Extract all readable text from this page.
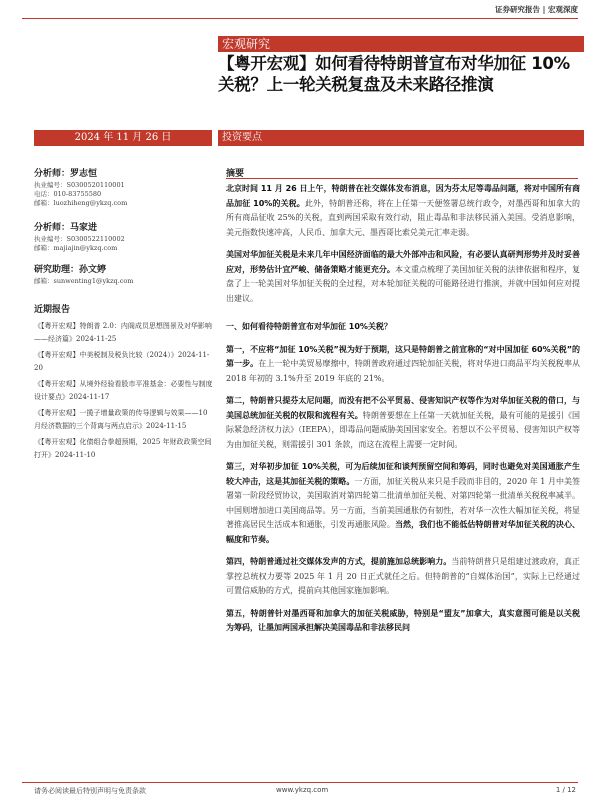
证券研究报告 | 宏观深度
宏观研究
【粤开宏观】如何看待特朗普宣布对华加征 10%关税？上一轮关税复盘及未来路径推演
2024 年 11 月 26 日	投资要点
分析师：罗志恒
执业编号：S0300520110001
电话：010-83755580
邮箱：luozhiheng@ykzq.com
分析师：马家进
执业编号：S0300522110002
邮箱：majiajin@ykzq.com
研究助理：孙文婷
邮箱：sunwenting1@ykzq.com
近期报告
《【粤开宏观】特朗普 2.0：内阁成员思想图景及对华影响——经济篇》2024-11-25
《【粤开宏观】中美税制及税负比较（2024）》2024-11-20
《【粤开宏观】从境外经验看股市平准基金：必要性与制度设计要点》2024-11-17
《【粤开宏观】一揽子增量政策的传导逻辑与效果——10 月经济数据的三个背离与两点启示》2024-11-15
《【粤开宏观】化债组合拳超预期，2025 年财政政策空间打开》2024-11-10
摘要

北京时间 11 月 26 日上午，特朗普在社交媒体发布消息，因为芬太尼等毒品问题，将对中国所有商品加征 10%的关税。此外，特朗普还称，将在上任第一天便签署总统行政令，对墨西哥和加拿大的所有商品征收 25%的关税，直到两国采取有效行动，阻止毒品和非法移民涌入美国。受消息影响，美元指数快速冲高，人民币、加拿大元、墨西哥比索兑美元汇率走弱。

美国对华加征关税是未来几年中国经济面临的最大外部冲击和风险，有必要认真研判形势并及时妥善应对，形势估计宜严峻、储备策略才能更充分。本文重点梳理了美国加征关税的法律依据和程序，复盘了上一轮美国对华加征关税的全过程，对本轮加征关税的可能路径进行推演，并就中国如何应对提出建议。

一、如何看待特朗普宣布对华加征 10%关税？

第一，不应将“加征 10%关税”视为好于预期，这只是特朗普之前宣称的“对中国加征 60%关税”的第一步。在上一轮中美贸易摩擦中，特朗普政府通过四轮加征关税，将对华进口商品平均关税税率从 2018 年初的 3.1%升至 2019 年底的 21%。

第二，特朗普只提芬太尼问题，而没有把不公平贸易、侵害知识产权等作为对华加征关税的借口，与美国总统加征关税的权限和流程有关。特朗普要想在上任第一天就加征关税，最有可能的是援引《国际紧急经济权力法》（IEEPA），即毒品问题威胁美国国家安全。若想以不公平贸易、侵害知识产权等为由加征关税，则需援引 301 条款，而这在流程上需要一定时间。

第三，对华初步加征 10%关税，可为后续加征和谈判预留空间和筹码，同时也避免对美国通胀产生较大冲击，这是其加征关税的策略。一方面，加征关税从来只是手段而非目的，2020 年 1 月中美签署第一阶段经贸协议，美国取消对第四轮第二批清单加征关税、对第四轮第一批清单关税税率减半。中国则增加进口美国商品等。另一方面，当前美国通胀仍有韧性，若对华一次性大幅加征关税，将显著推高居民生活成本和通胀，引发再通胀风险。当然，我们也不能低估特朗普对华加征关税的决心、幅度和节奏。

第四，特朗普通过社交媒体发声的方式，提前施加总统影响力。当前特朗普只是组建过渡政府，真正掌控总统权力要等 2025 年 1 月 20 日正式就任之后。但特朗普的“自媒体治国”，实际上已经通过可置信威胁的方式，提前向其他国家施加影响。

第五，特朗普针对墨西哥和加拿大的加征关税威胁，特别是“盟友”加拿大，真实意图可能是以关税为筹码，让墨加两国承担解决美国毒品和非法移民问

请务必阅读最后特别声明与免责条款	www.ykzq.com	1 / 12
